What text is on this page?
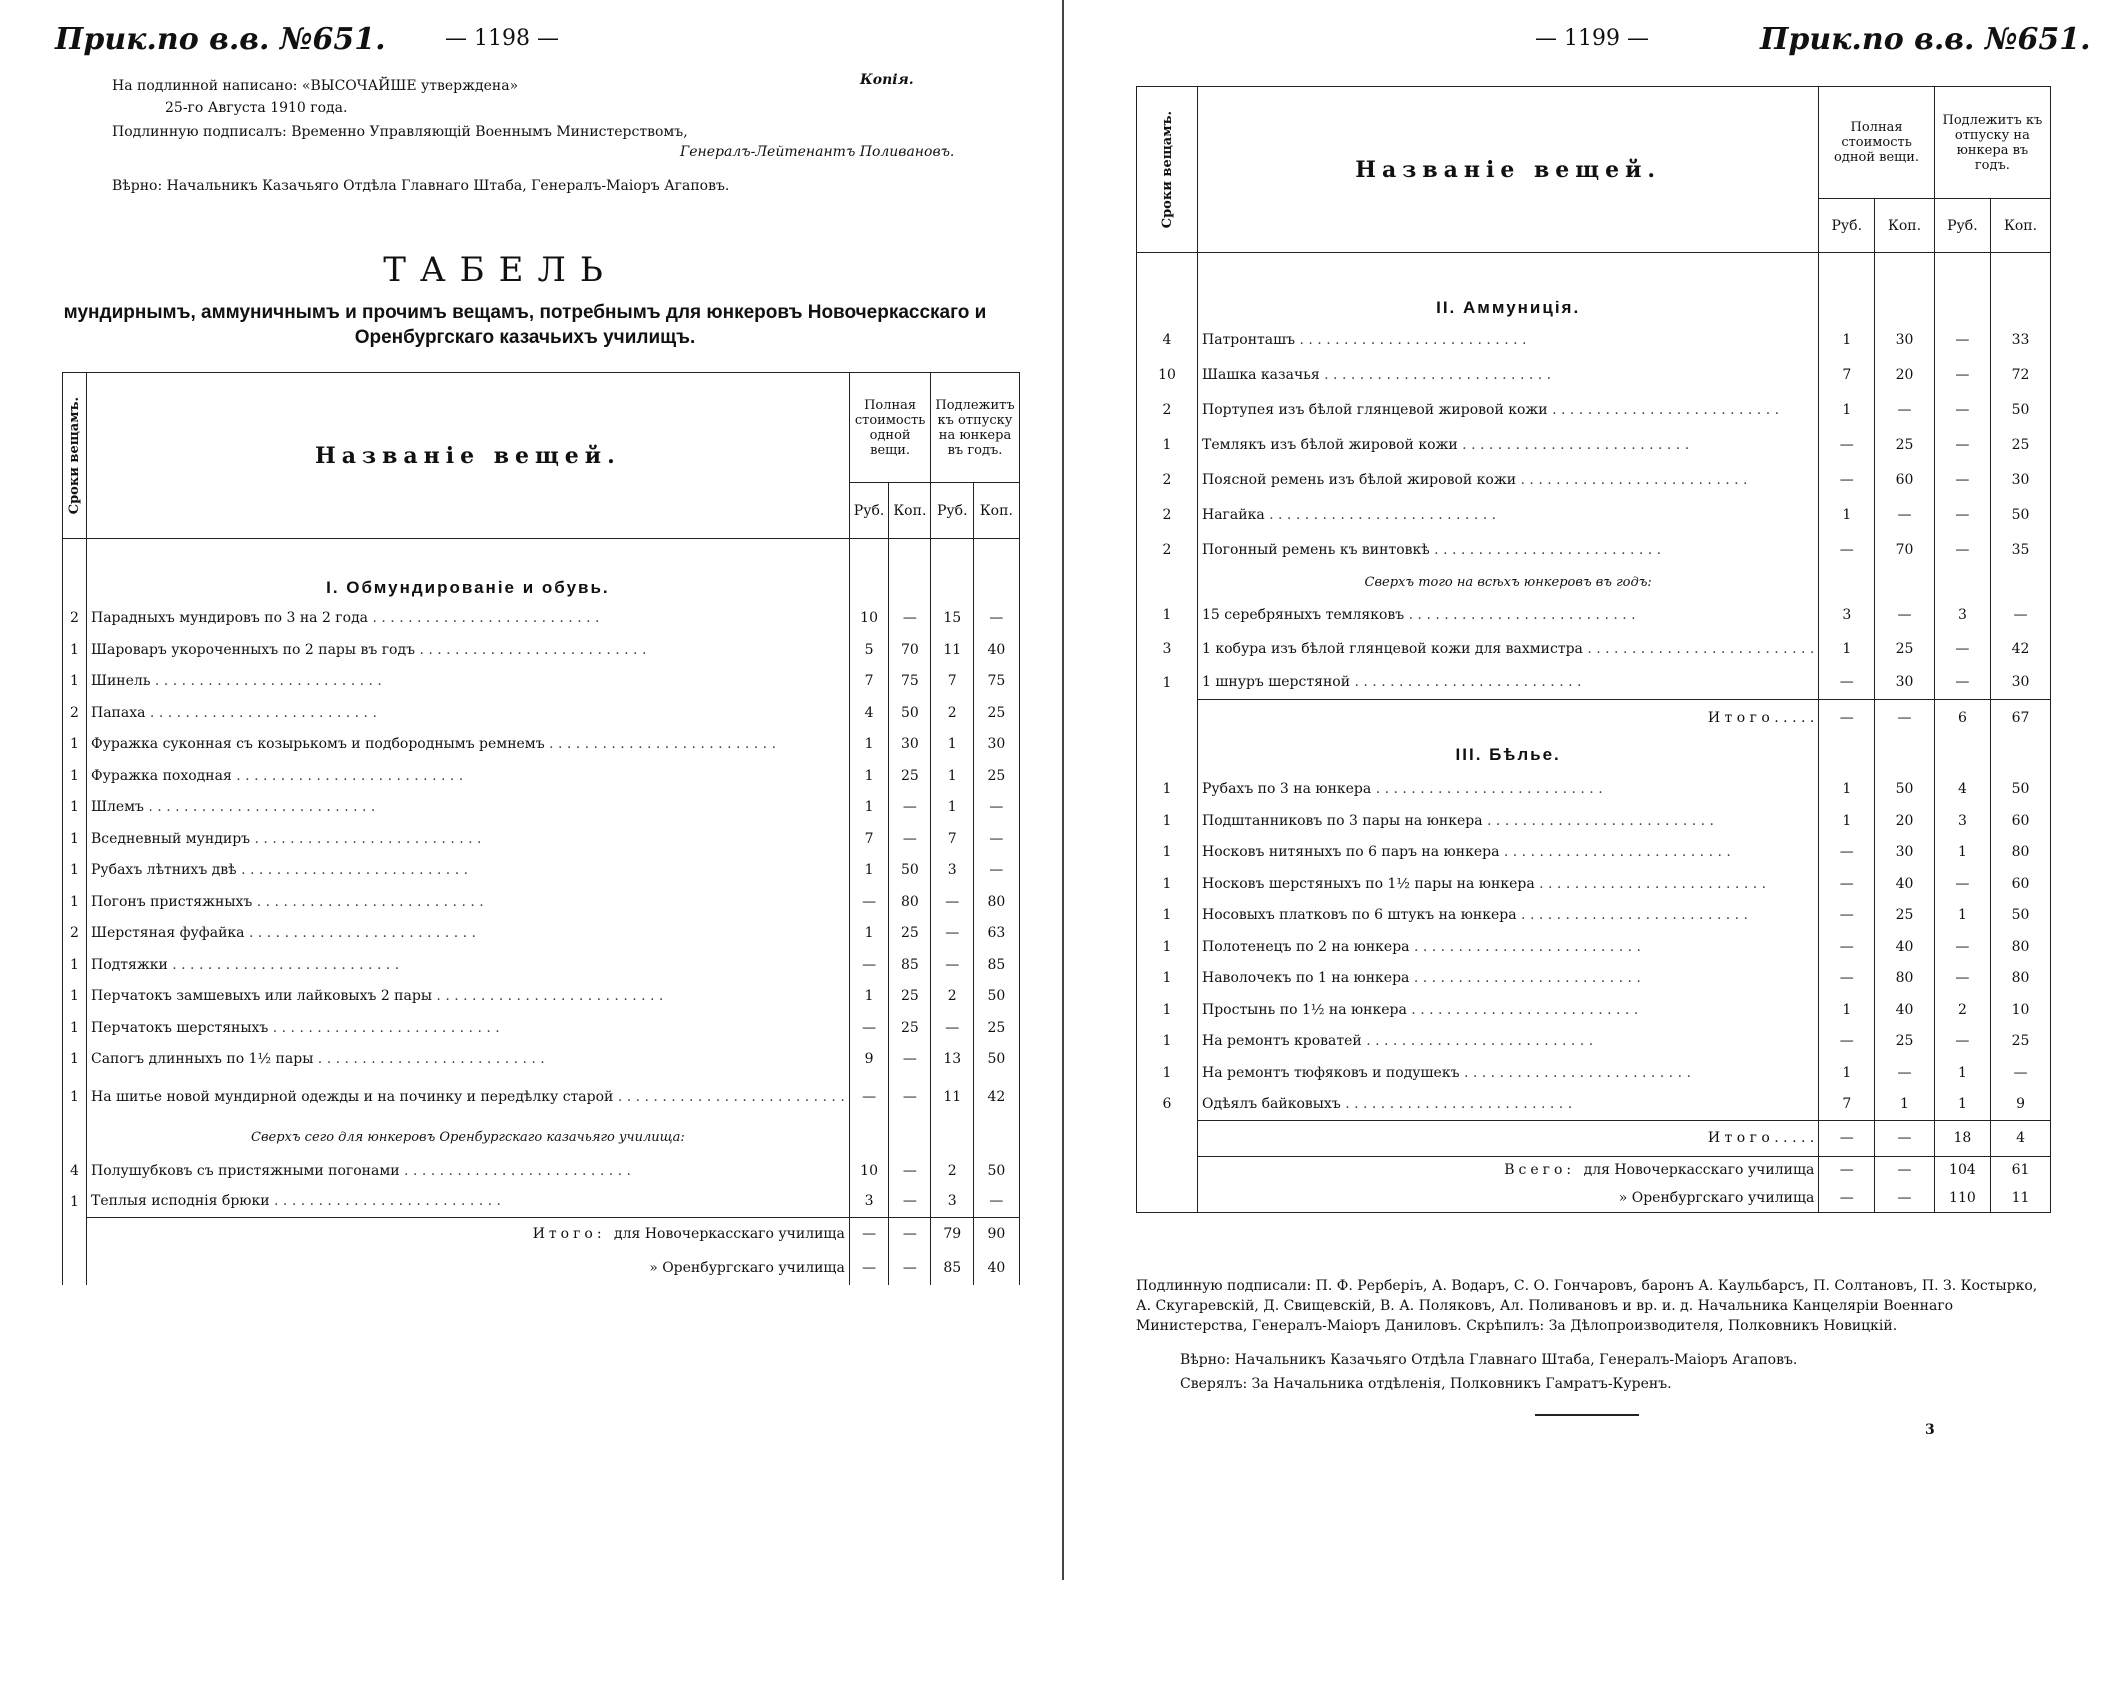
Прик.по в.в. №651.	— 1198 —
Копія.
На подлинной написано: «ВЫСОЧАЙШЕ утверждена»
25-го Августа 1910 года.
Подлинную подписалъ: Временно Управляющій Военнымъ Министерствомъ,
Генералъ-Лейтенантъ Поливановъ.
Вѣрно: Начальникъ Казачьяго Отдѣла Главнаго Штаба, Генералъ-Маіоръ Агаповъ.
ТАБЕЛЬ
мундирнымъ, аммуничнымъ и прочимъ вещамъ, потребнымъ для юнкеровъ Новочеркасскаго и Оренбургскаго казачьихъ училищъ.
Сроки вещамъ.	Названіе вещей.	Полная стоимость одной вещи.		Подлежитъ къ отпуску на юнкера въ годъ.	
		Руб.	Коп.	Руб.	Коп.

	I. Обмундированіе и обувь.				
2	Парадныхъ мундировъ по 3 на 2 года . . . . . . . . . . . . . . . . . . . . . . . . . .	10	—	15	—
1	Шароваръ укороченныхъ по 2 пары въ годъ . . . . . . . . . . . . . . . . . . . . . . . . . .	5	70	11	40
1	Шинель . . . . . . . . . . . . . . . . . . . . . . . . . .	7	75	7	75
2	Папаха . . . . . . . . . . . . . . . . . . . . . . . . . .	4	50	2	25
1	Фуражка суконная съ козырькомъ и подбороднымъ ремнемъ . . . . . . . . . . . . . . . . . . . . . . . . . .	1	30	1	30
1	Фуражка походная . . . . . . . . . . . . . . . . . . . . . . . . . .	1	25	1	25
1	Шлемъ . . . . . . . . . . . . . . . . . . . . . . . . . .	1	—	1	—
1	Вседневный мундиръ . . . . . . . . . . . . . . . . . . . . . . . . . .	7	—	7	—
1	Рубахъ лѣтнихъ двѣ . . . . . . . . . . . . . . . . . . . . . . . . . .	1	50	3	—
1	Погонъ пристяжныхъ . . . . . . . . . . . . . . . . . . . . . . . . . .	—	80	—	80
2	Шерстяная фуфайка . . . . . . . . . . . . . . . . . . . . . . . . . .	1	25	—	63
1	Подтяжки . . . . . . . . . . . . . . . . . . . . . . . . . .	—	85	—	85
1	Перчатокъ замшевыхъ или лайковыхъ 2 пары . . . . . . . . . . . . . . . . . . . . . . . . . .	1	25	2	50
1	Перчатокъ шерстяныхъ . . . . . . . . . . . . . . . . . . . . . . . . . .	—	25	—	25
1	Сапогъ длинныхъ по 1½ пары . . . . . . . . . . . . . . . . . . . . . . . . . .	9	—	13	50
1	На шитье новой мундирной одежды и на починку и передѣлку старой . . . . . . . . . . . . . . . . . . . . . . . . . .	—	—	11	42
	Сверхъ сего для юнкеровъ Оренбургскаго казачьяго училища:				
4	Полушубковъ съ пристяжными погонами . . . . . . . . . . . . . . . . . . . . . . . . . .	10	—	2	50
1	Теплыя исподнія брюки . . . . . . . . . . . . . . . . . . . . . . . . . .	3	—	3	—
	Итого: для Новочеркасскаго училища	—	—	79	90
	» Оренбургскаго училища	—	—	85	40
— 1199 —	Прик.по в.в. №651.
Сроки вещамъ.	Названіе вещей.	Полная стоимость одной вещи.		Подлежитъ къ отпуску на юнкера въ годъ.	
		Руб.	Коп.	Руб.	Коп.

	II. Аммуниція.				
4	Патронташъ . . . . . . . . . . . . . . . . . . . . . . . . . .	1	30	—	33
10	Шашка казачья . . . . . . . . . . . . . . . . . . . . . . . . . .	7	20	—	72
2	Портупея изъ бѣлой глянцевой жировой кожи . . . . . . . . . . . . . . . . . . . . . . . . . .	1	—	—	50
1	Темлякъ изъ бѣлой жировой кожи . . . . . . . . . . . . . . . . . . . . . . . . . .	—	25	—	25
2	Поясной ремень изъ бѣлой жировой кожи . . . . . . . . . . . . . . . . . . . . . . . . . .	—	60	—	30
2	Нагайка . . . . . . . . . . . . . . . . . . . . . . . . . .	1	—	—	50
2	Погонный ремень къ винтовкѣ . . . . . . . . . . . . . . . . . . . . . . . . . .	—	70	—	35
	Сверхъ того на всѣхъ юнкеровъ въ годъ:				
1	15 серебряныхъ темляковъ . . . . . . . . . . . . . . . . . . . . . . . . . .	3	—	3	—
3	1 кобура изъ бѣлой глянцевой кожи для вахмистра . . . . . . . . . . . . . . . . . . . . . . . . . .	1	25	—	42
1	1 шнуръ шерстяной . . . . . . . . . . . . . . . . . . . . . . . . . .	—	30	—	30
	И т о г о . . . . .	—	—	6	67
	III. Бѣлье.				
1	Рубахъ по 3 на юнкера . . . . . . . . . . . . . . . . . . . . . . . . . .	1	50	4	50
1	Подштанниковъ по 3 пары на юнкера . . . . . . . . . . . . . . . . . . . . . . . . . .	1	20	3	60
1	Носковъ нитяныхъ по 6 паръ на юнкера . . . . . . . . . . . . . . . . . . . . . . . . . .	—	30	1	80
1	Носковъ шерстяныхъ по 1½ пары на юнкера . . . . . . . . . . . . . . . . . . . . . . . . . .	—	40	—	60
1	Носовыхъ платковъ по 6 штукъ на юнкера . . . . . . . . . . . . . . . . . . . . . . . . . .	—	25	1	50
1	Полотенецъ по 2 на юнкера . . . . . . . . . . . . . . . . . . . . . . . . . .	—	40	—	80
1	Наволочекъ по 1 на юнкера . . . . . . . . . . . . . . . . . . . . . . . . . .	—	80	—	80
1	Простынь по 1½ на юнкера . . . . . . . . . . . . . . . . . . . . . . . . . .	1	40	2	10
1	На ремонтъ кроватей . . . . . . . . . . . . . . . . . . . . . . . . . .	—	25	—	25
1	На ремонтъ тюфяковъ и подушекъ . . . . . . . . . . . . . . . . . . . . . . . . . .	1	—	1	—
6	Одѣялъ байковыхъ . . . . . . . . . . . . . . . . . . . . . . . . . .	7	1	1	9
	И т о г о . . . . .	—	—	18	4
	Всего: для Новочеркасскаго училища	—	—	104	61
	» Оренбургскаго училища	—	—	110	11
Подлинную подписали: П. Ф. Рерберіъ, А. Водаръ, С. О. Гончаровъ, баронъ А. Каульбарсъ, П. Солтановъ, П. З. Костырко, А. Скугаревскій, Д. Свищевскій, В. А. Поляковъ, Ал. Поливановъ и вр. и. д. Начальника Канцеляріи Военнаго Министерства, Генералъ-Маіоръ Даниловъ. Скрѣпилъ: За Дѣлопроизводителя, Полковникъ Новицкій.
Вѣрно: Начальникъ Казачьяго Отдѣла Главнаго Штаба, Генералъ-Маіоръ Агаповъ.
Сверялъ: За Начальника отдѣленія, Полковникъ Гамратъ-Куренъ.
3
